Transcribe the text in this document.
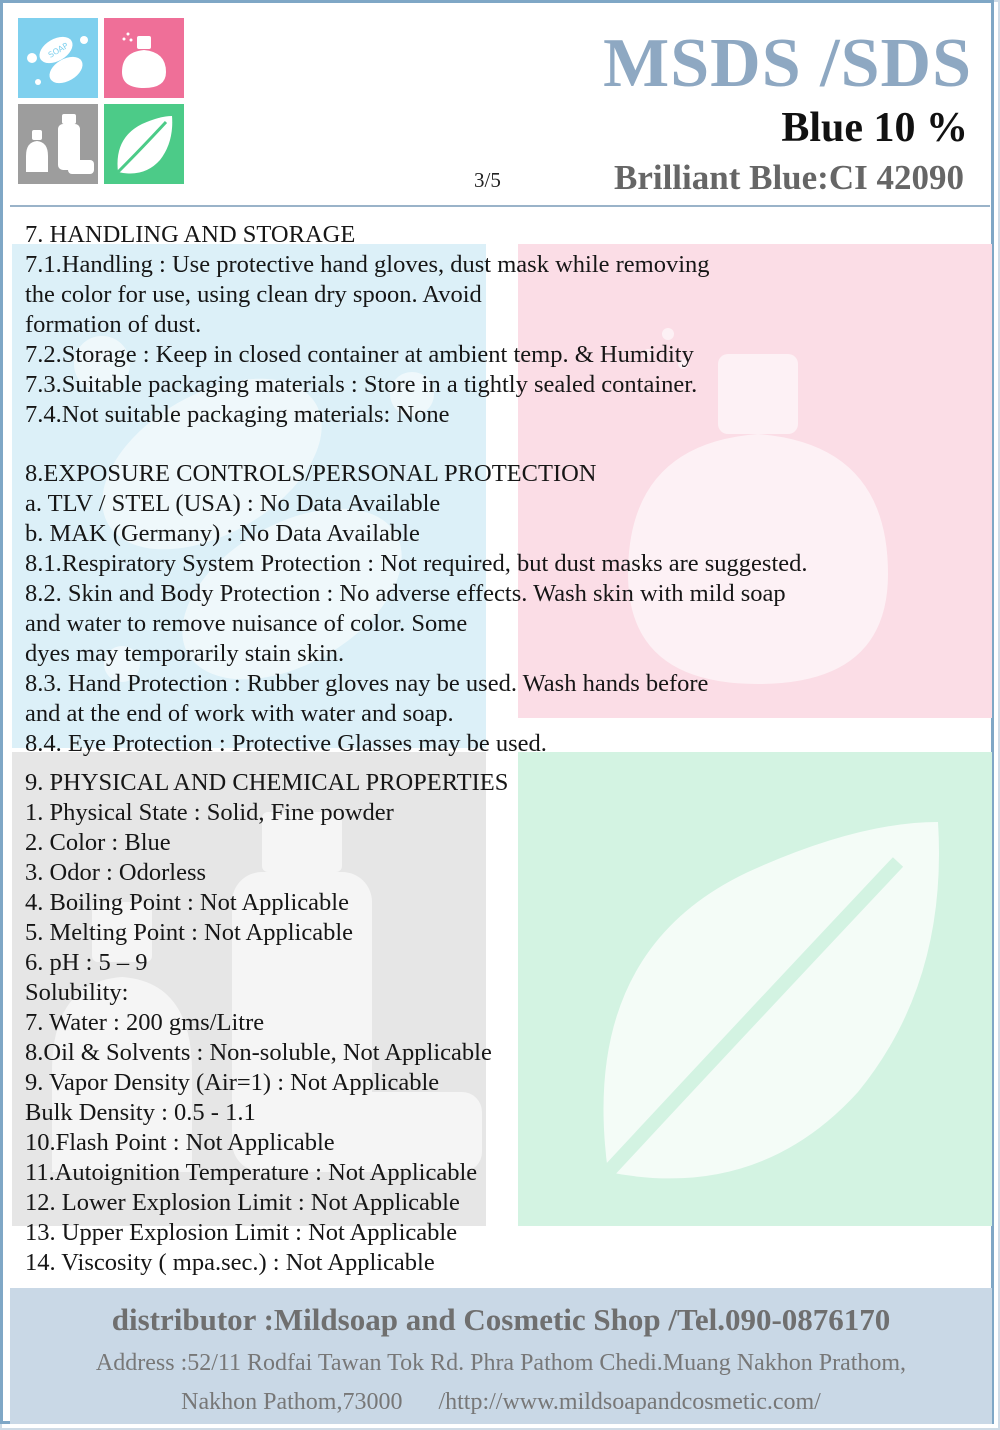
SOAP	MSDS /SDS
Blue 10 %
3/5	Brilliant Blue:CI 42090
7. HANDLING AND STORAGE
7.1.Handling : Use protective hand gloves, dust mask while removing
the color for use, using clean dry spoon. Avoid
formation of dust.
7.2.Storage : Keep in closed container at ambient temp. & Humidity
7.3.Suitable packaging materials : Store in a tightly sealed container.
7.4.Not suitable packaging materials: None
8.EXPOSURE CONTROLS/PERSONAL PROTECTION
a. TLV / STEL (USA) : No Data Available
b. MAK (Germany) : No Data Available
8.1.Respiratory System Protection : Not required, but dust masks are suggested.
8.2. Skin and Body Protection : No adverse effects. Wash skin with mild soap
and water to remove nuisance of color. Some
dyes may temporarily stain skin.
8.3. Hand Protection : Rubber gloves nay be used. Wash hands before
and at the end of work with water and soap.
8.4. Eye Protection : Protective Glasses may be used.
9. PHYSICAL AND CHEMICAL PROPERTIES
1. Physical State : Solid, Fine powder
2. Color : Blue
3. Odor : Odorless
4. Boiling Point : Not Applicable
5. Melting Point : Not Applicable
6. pH : 5 – 9
Solubility:
7. Water : 200 gms/Litre
8.Oil & Solvents : Non-soluble, Not Applicable
9. Vapor Density (Air=1) : Not Applicable
Bulk Density : 0.5 - 1.1
10.Flash Point : Not Applicable
11.Autoignition Temperature : Not Applicable
12. Lower Explosion Limit : Not Applicable
13. Upper Explosion Limit : Not Applicable
14. Viscosity ( mpa.sec.) : Not Applicable
distributor :Mildsoap and Cosmetic Shop /Tel.090-0876170
Address :52/11 Rodfai Tawan Tok Rd. Phra Pathom Chedi.Muang Nakhon Prathom,
Nakhon Pathom,73000 /http://www.mildsoapandcosmetic.com/
